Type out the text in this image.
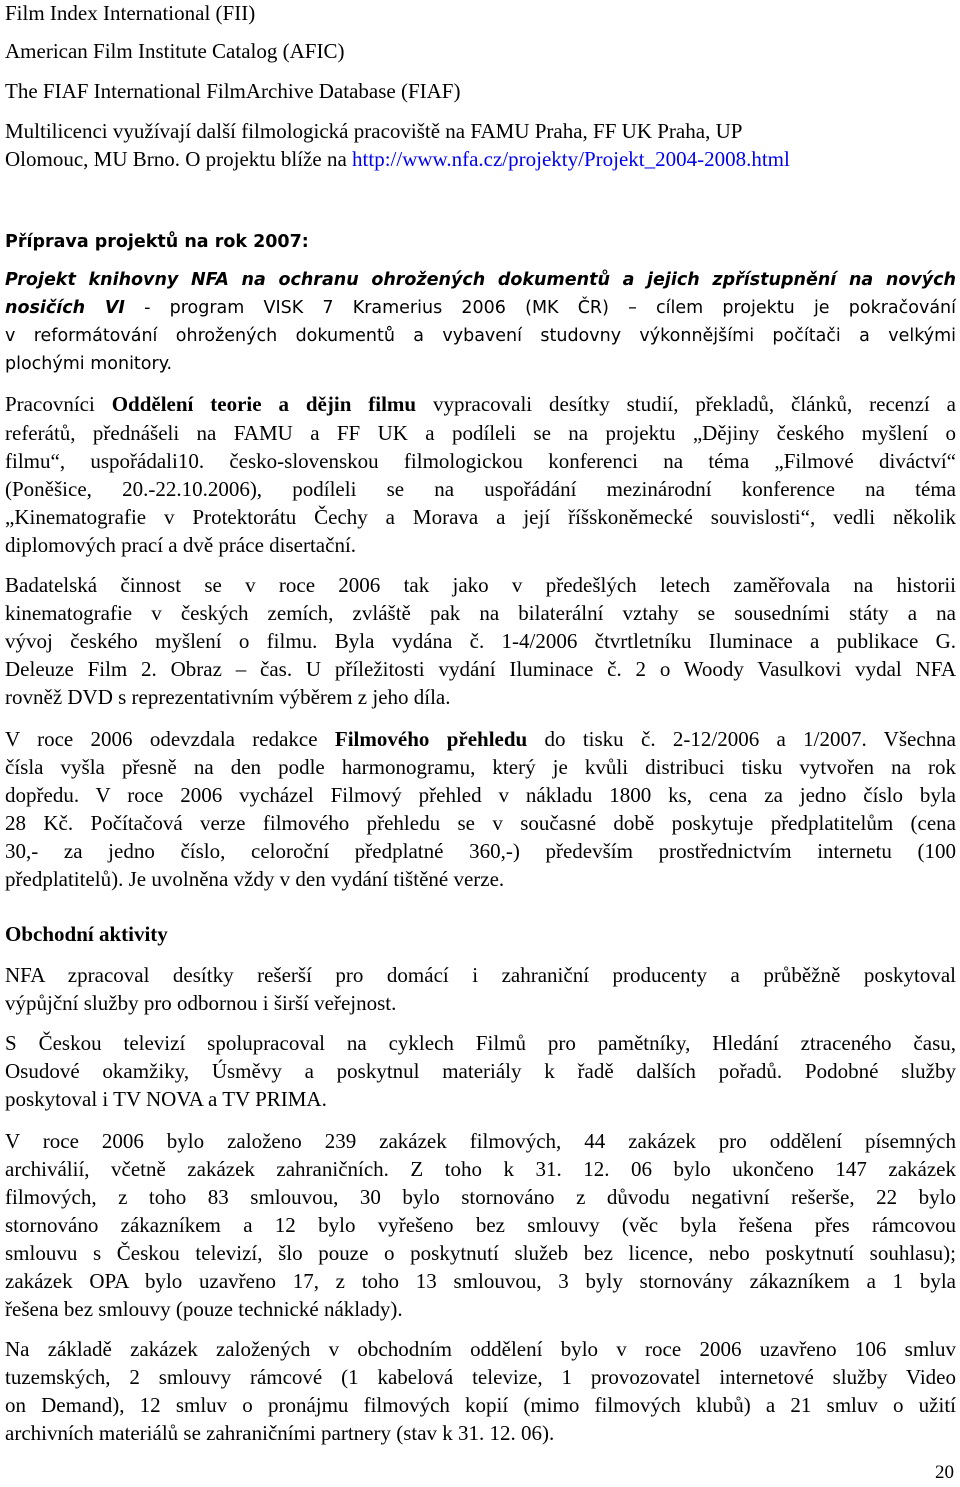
Film Index International (FII)
American Film Institute Catalog (AFIC)
The FIAF International FilmArchive Database (FIAF)
Multilicenci využívají další filmologická pracoviště na FAMU Praha, FF UK Praha, UP
Olomouc, MU Brno. O projektu blíže na http://www.nfa.cz/projekty/Projekt_2004-2008.html
Příprava projektů na rok 2007:
Projekt knihovny NFA na ochranu ohrožených dokumentů a jejich zpřístupnění na nových
nosičích VI - program VISK 7 Kramerius 2006 (MK ČR) – cílem projektu je pokračování
v reformátování ohrožených dokumentů a vybavení studovny výkonnějšími počítači a velkými
plochými monitory.
Pracovníci Oddělení teorie a dějin filmu vypracovali desítky studií, překladů, článků, recenzí a
referátů, přednášeli na FAMU a FF UK a podíleli se na projektu „Dějiny českého myšlení o
filmu“, uspořádali10. česko-slovenskou filmologickou konferenci na téma „Filmové diváctví“
(Poněšice, 20.-22.10.2006), podíleli se na uspořádání mezinárodní konference na téma
„Kinematografie v Protektorátu Čechy a Morava a její říšskoněmecké souvislosti“, vedli několik
diplomových prací a dvě práce disertační.
Badatelská činnost se v roce 2006 tak jako v předešlých letech zaměřovala na historii
kinematografie v českých zemích, zvláště pak na bilaterální vztahy se sousedními státy a na
vývoj českého myšlení o filmu. Byla vydána č. 1-4/2006 čtvrtletníku Iluminace a publikace G.
Deleuze Film 2. Obraz – čas. U příležitosti vydání Iluminace č. 2 o Woody Vasulkovi vydal NFA
rovněž DVD s reprezentativním výběrem z jeho díla.
V roce 2006 odevzdala redakce Filmového přehledu do tisku č. 2-12/2006 a 1/2007. Všechna
čísla vyšla přesně na den podle harmonogramu, který je kvůli distribuci tisku vytvořen na rok
dopředu. V roce 2006 vycházel Filmový přehled v nákladu 1800 ks, cena za jedno číslo byla
28 Kč. Počítačová verze filmového přehledu se v současné době poskytuje předplatitelům (cena
30,- za jedno číslo, celoroční předplatné 360,-) především prostřednictvím internetu (100
předplatitelů). Je uvolněna vždy v den vydání tištěné verze.
Obchodní aktivity
NFA zpracoval desítky rešerší pro domácí i zahraniční producenty a průběžně poskytoval
výpůjční služby pro odbornou i širší veřejnost.
S Českou televizí spolupracoval na cyklech Filmů pro pamětníky, Hledání ztraceného času,
Osudové okamžiky, Úsměvy a poskytnul materiály k řadě dalších pořadů. Podobné služby
poskytoval i TV NOVA a TV PRIMA.
V roce 2006 bylo založeno 239 zakázek filmových, 44 zakázek pro oddělení písemných
archiválií, včetně zakázek zahraničních. Z toho k 31. 12. 06 bylo ukončeno 147 zakázek
filmových, z toho 83 smlouvou, 30 bylo stornováno z důvodu negativní rešerše, 22 bylo
stornováno zákazníkem a 12 bylo vyřešeno bez smlouvy (věc byla řešena přes rámcovou
smlouvu s Českou televizí, šlo pouze o poskytnutí služeb bez licence, nebo poskytnutí souhlasu);
zakázek OPA bylo uzavřeno 17, z toho 13 smlouvou, 3 byly stornovány zákazníkem a 1 byla
řešena bez smlouvy (pouze technické náklady).
Na základě zakázek založených v obchodním oddělení bylo v roce 2006 uzavřeno 106 smluv
tuzemských, 2 smlouvy rámcové (1 kabelová televize, 1 provozovatel internetové služby Video
on Demand), 12 smluv o pronájmu filmových kopií (mimo filmových klubů) a 21 smluv o užití
archivních materiálů se zahraničními partnery (stav k 31. 12. 06).
20
